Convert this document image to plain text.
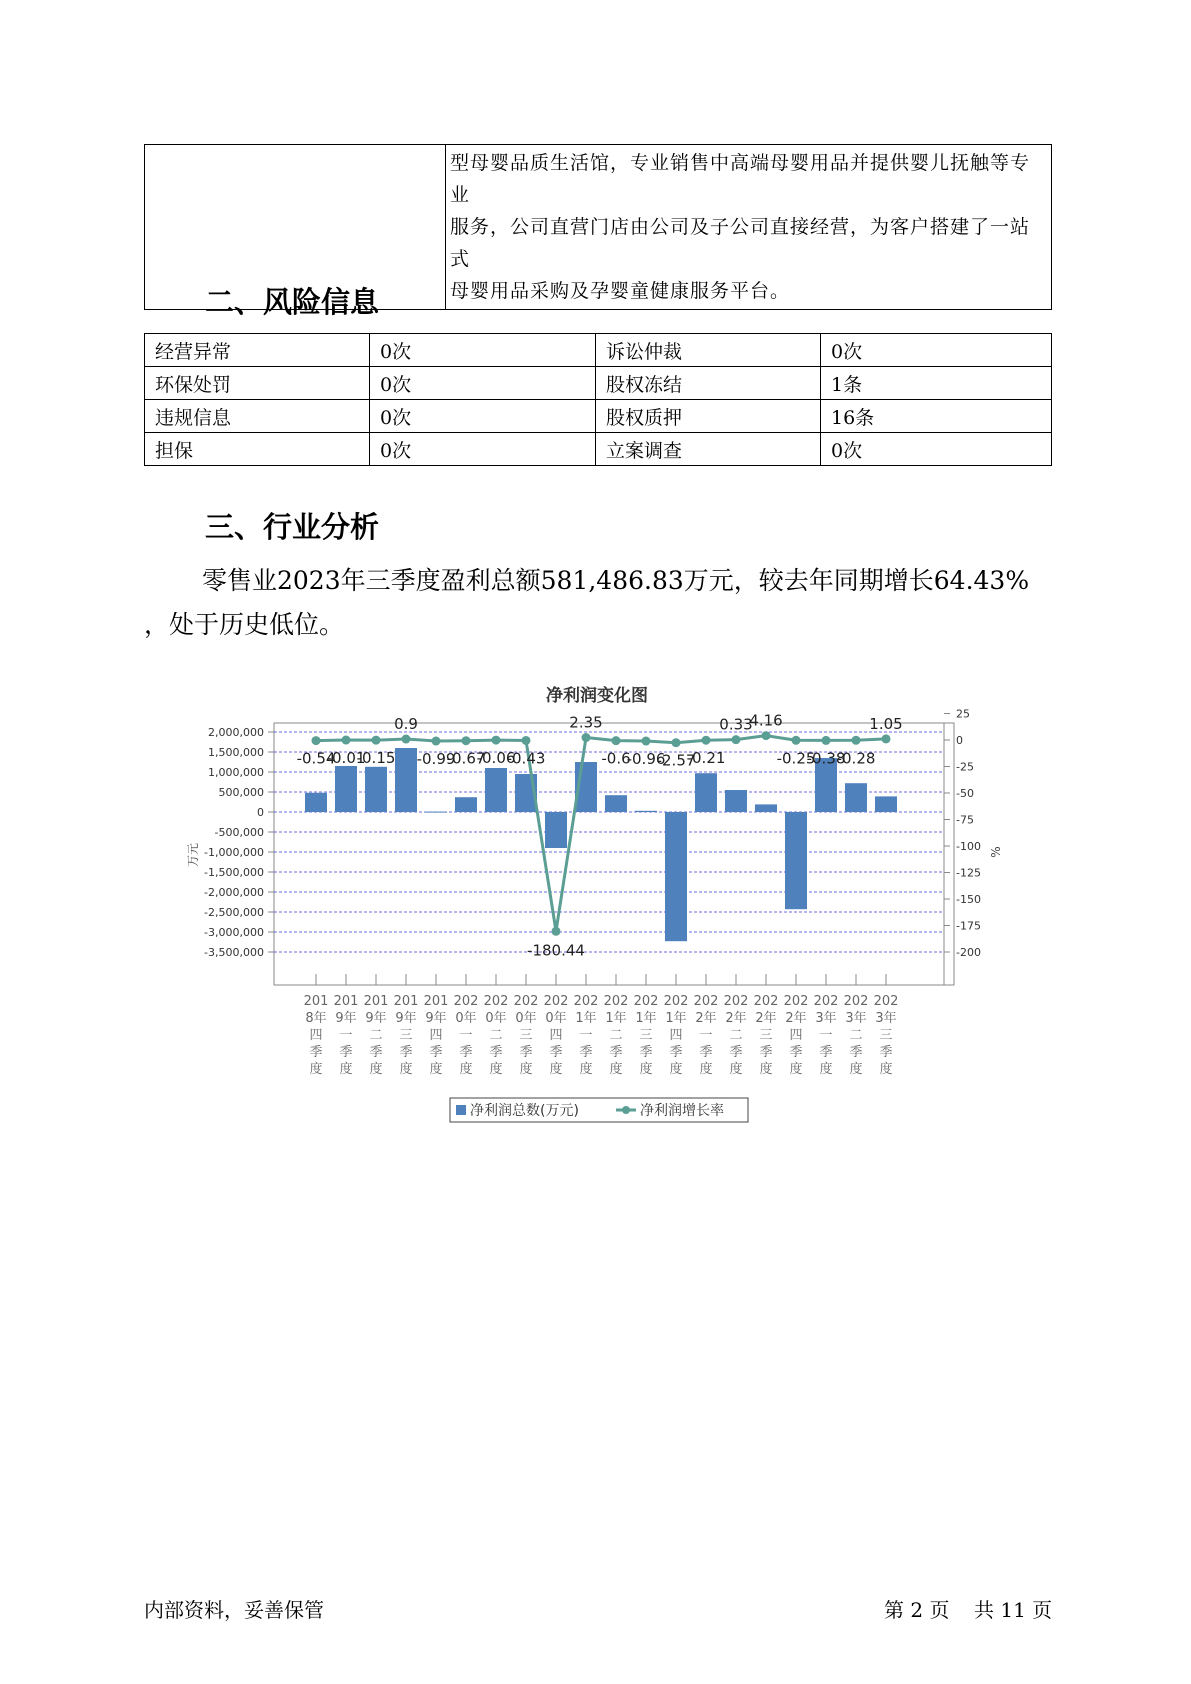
型母婴品质生活馆，专业销售中高端母婴用品并提供婴儿抚触等专业
服务，公司直营门店由公司及子公司直接经营，为客户搭建了一站式
母婴用品采购及孕婴童健康服务平台。
二、风险信息
经营异常	0次	诉讼仲裁	0次
环保处罚	0次	股权冻结	1条
违规信息	0次	股权质押	16条
担保	0次	立案调查	0次
三、行业分析
零售业2023年三季度盈利总额581,486.83万元，较去年同期增长64.43%
，处于历史低位。
净利润变化图
2,000,000
1,500,000
1,000,000
500,000
0
-500,000
-1,000,000
-1,500,000
-2,000,000
-2,500,000
-3,000,000
-3,500,000
25
0
-25
-50
-75
-100
-125
-150
-175
-200
201
8年
四
季
度
201
9年
一
季
度
201
9年
二
季
度
201
9年
三
季
度
201
9年
四
季
度
202
0年
一
季
度
202
0年
二
季
度
202
0年
三
季
度
202
0年
四
季
度
202
1年
一
季
度
202
1年
二
季
度
202
1年
三
季
度
202
1年
四
季
度
202
2年
一
季
度
202
2年
二
季
度
202
2年
三
季
度
202
2年
四
季
度
202
3年
一
季
度
202
3年
二
季
度
202
3年
三
季
度
-0.54
-0.01
-0.15
0.9
-0.99
-0.67
-0.06
-0.43
-180.44
2.35
-0.6
-0.96
-2.57
-0.21
0.33
4.16
-0.25
-0.38
-0.28
1.05
万元	%
净利润总数(万元)	净利润增长率
内部资料，妥善保管	第 2 页 共 11 页
